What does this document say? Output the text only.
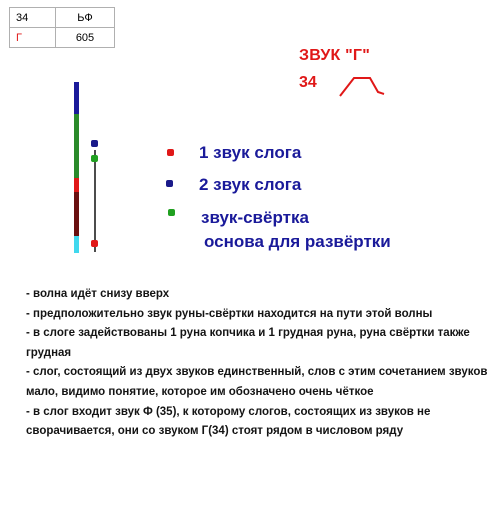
34	ЬФ
Г	605
ЗВУК "Г"
34
1 звук слога
2 звук слога
звук-свёртка
основа для развёртки

- волна идёт снизу вверх

- предположительно звук руны-свёртки находится на пути этой волны

- в слоге задействованы 1 руна копчика и 1 грудная руна, руна свёртки также грудная

- слог, состоящий из двух звуков единственный, слов с этим сочетанием звуков мало, видимо понятие, которое им обозначено очень чёткое

- в слог входит звук Ф (35), к которому слогов, состоящих из звуков не сворачивается, они со звуком Г(34) стоят рядом в числовом ряду
